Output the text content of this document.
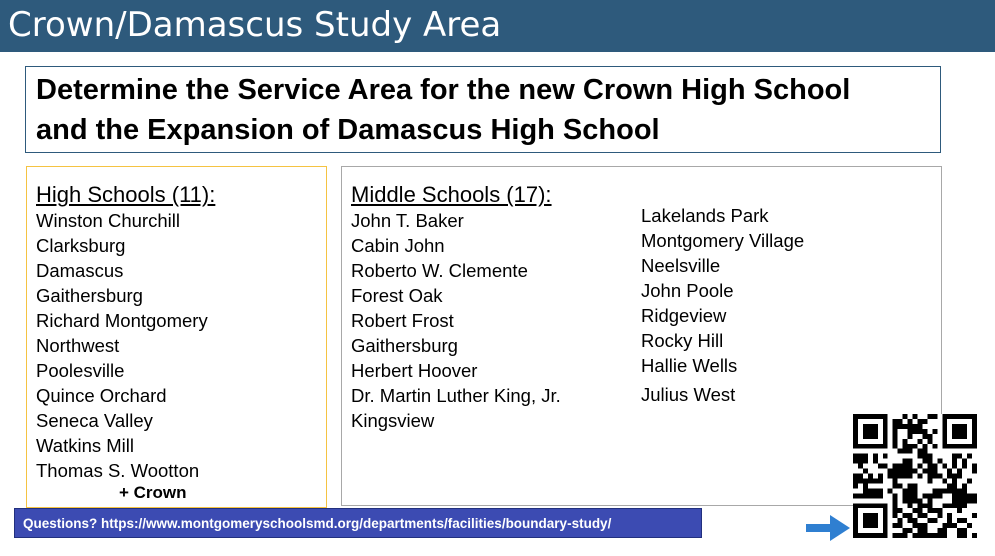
Crown/Damascus Study Area
Determine the Service Area for the new Crown High School
and the Expansion of Damascus High School
High Schools (11):
Winston Churchill
Clarksburg
Damascus
Gaithersburg
Richard Montgomery
Northwest
Poolesville
Quince Orchard
Seneca Valley
Watkins Mill
Thomas S. Wootton
+ Crown
Middle Schools (17):
John T. Baker
Cabin John
Roberto W. Clemente
Forest Oak
Robert Frost
Gaithersburg
Herbert Hoover
Dr. Martin Luther King, Jr.
Kingsview
Lakelands Park
Montgomery Village
Neelsville
John Poole
Ridgeview
Rocky Hill
Hallie Wells
Julius West
Questions? https://www.montgomeryschoolsmd.org/departments/facilities/boundary-study/
